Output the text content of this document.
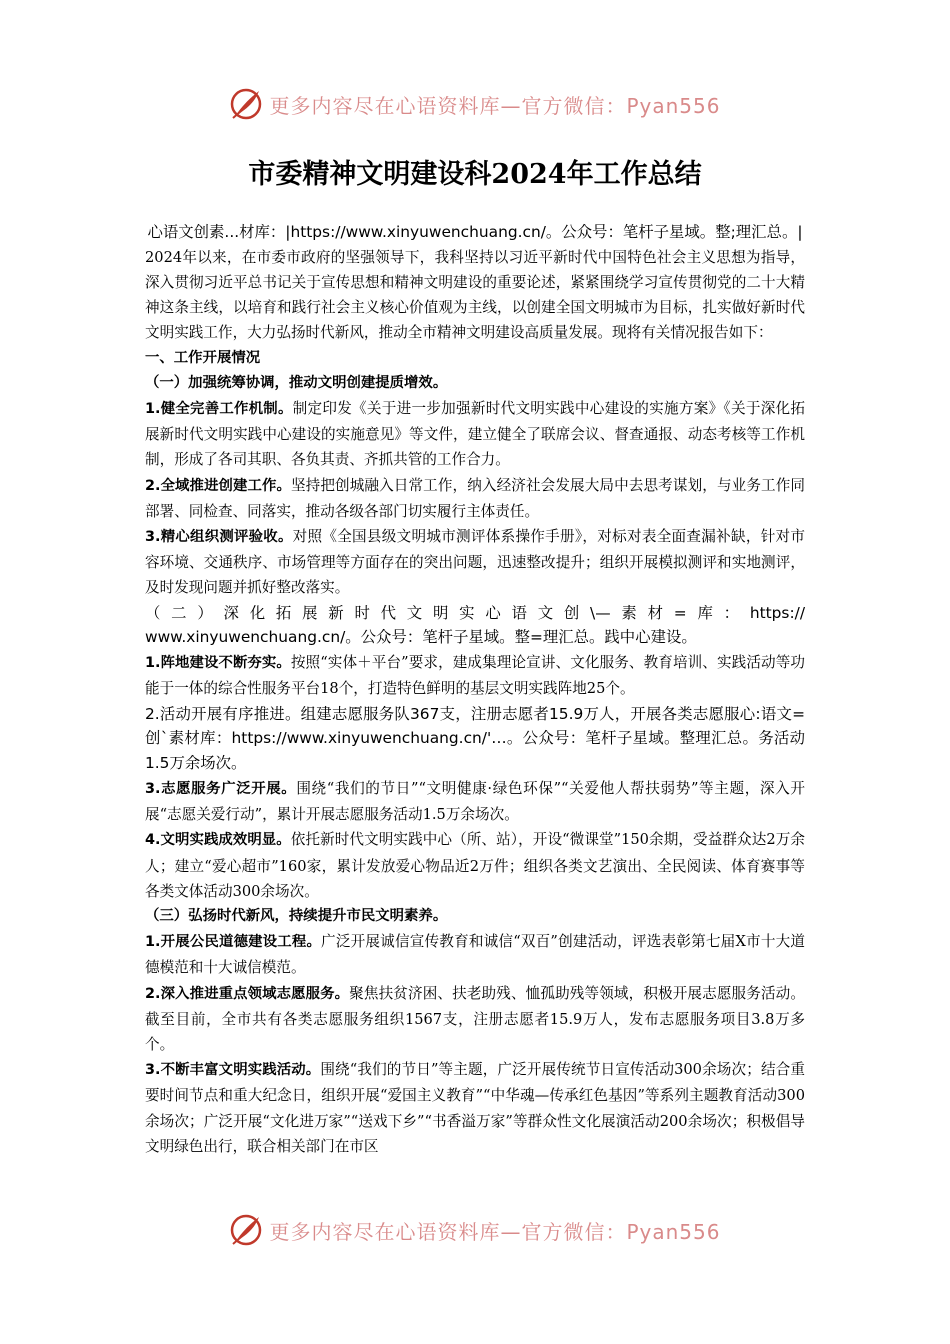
更多内容尽在心语资料库—官方微信：Pyan556
市委精神文明建设科2024年工作总结

心语文创素...材库：|https://www.xinyuwenchuang.cn/。公众号：笔杆子星域。整;理汇总。|

2024年以来，在市委市政府的坚强领导下，我科坚持以习近平新时代中国特色社会主义思想为指导，深入贯彻习近平总书记关于宣传思想和精神文明建设的重要论述，紧紧围绕学习宣传贯彻党的二十大精神这条主线，以培育和践行社会主义核心价值观为主线，以创建全国文明城市为目标，扎实做好新时代文明实践工作，大力弘扬时代新风，推动全市精神文明建设高质量发展。现将有关情况报告如下：

一、工作开展情况

（一）加强统筹协调，推动文明创建提质增效。

1.健全完善工作机制。制定印发《关于进一步加强新时代文明实践中心建设的实施方案》《关于深化拓展新时代文明实践中心建设的实施意见》等文件，建立健全了联席会议、督查通报、动态考核等工作机制，形成了各司其职、各负其责、齐抓共管的工作合力。

2.全域推进创建工作。坚持把创城融入日常工作，纳入经济社会发展大局中去思考谋划，与业务工作同部署、同检查、同落实，推动各级各部门切实履行主体责任。

3.精心组织测评验收。对照《全国县级文明城市测评体系操作手册》，对标对表全面查漏补缺，针对市容环境、交通秩序、市场管理等方面存在的突出问题，迅速整改提升；组织开展模拟测评和实地测评，及时发现问题并抓好整改落实。

（二）深化拓展新时代文明实心语文创\—素材=库：https://

www.xinyuwenchuang.cn/。公众号：笔杆子星域。整=理汇总。践中心建设。

1.阵地建设不断夯实。按照“实体＋平台”要求，建成集理论宣讲、文化服务、教育培训、实践活动等功能于一体的综合性服务平台18个，打造特色鲜明的基层文明实践阵地25个。

2.活动开展有序推进。组建志愿服务队367支，注册志愿者15.9万人，开展各类志愿服心:语文=创`素材库：https://www.xinyuwenchuang.cn/'…。公众号：笔杆子星域。整理汇总。务活动1.5万余场次。

3.志愿服务广泛开展。围绕“我们的节日”“文明健康·绿色环保”“关爱他人帮扶弱势”等主题，深入开展“志愿关爱行动”，累计开展志愿服务活动1.5万余场次。

4.文明实践成效明显。依托新时代文明实践中心（所、站），开设“微课堂”150余期，受益群众达2万余人；建立“爱心超市”160家，累计发放爱心物品近2万件；组织各类文艺演出、全民阅读、体育赛事等各类文体活动300余场次。

（三）弘扬时代新风，持续提升市民文明素养。

1.开展公民道德建设工程。广泛开展诚信宣传教育和诚信“双百”创建活动，评选表彰第七届X市十大道德模范和十大诚信模范。

2.深入推进重点领域志愿服务。聚焦扶贫济困、扶老助残、恤孤助残等领域，积极开展志愿服务活动。截至目前，全市共有各类志愿服务组织1567支，注册志愿者15.9万人，发布志愿服务项目3.8万多个。

3.不断丰富文明实践活动。围绕“我们的节日”等主题，广泛开展传统节日宣传活动300余场次；结合重要时间节点和重大纪念日，组织开展“爱国主义教育”“中华魂—传承红色基因”等系列主题教育活动300余场次；广泛开展“文化进万家”“送戏下乡”“书香溢万家”等群众性文化展演活动200余场次；积极倡导文明绿色出行，联合相关部门在市区

更多内容尽在心语资料库—官方微信：Pyan556
